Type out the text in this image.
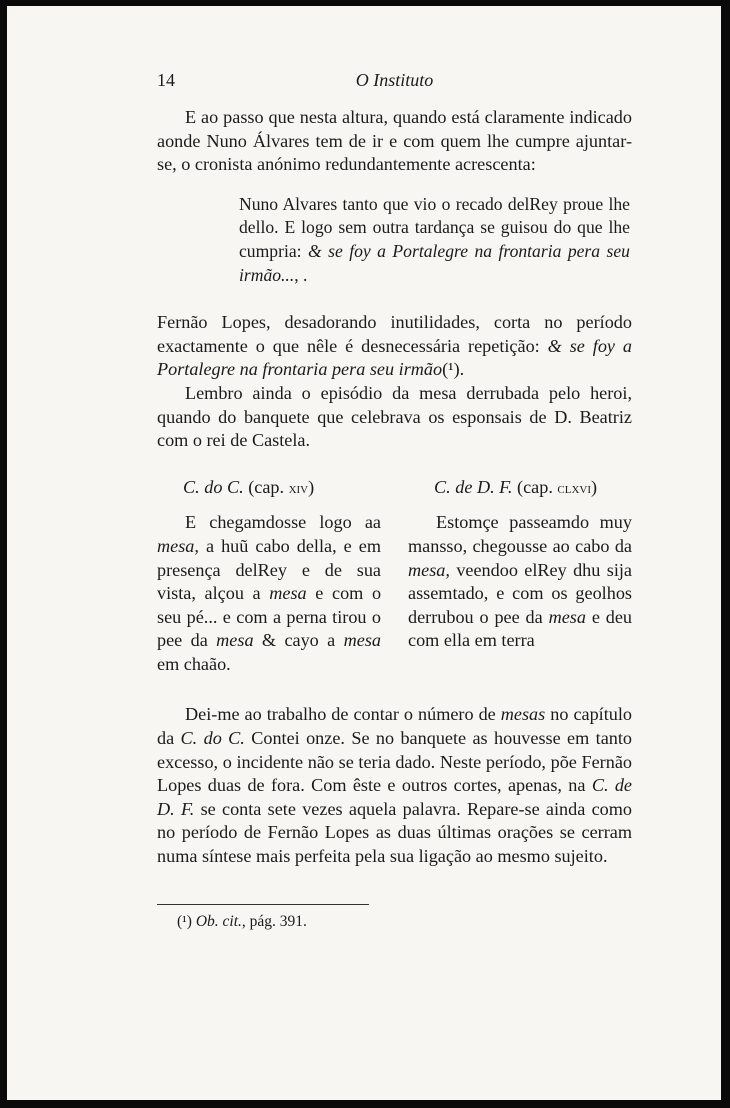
14	O Instituto

E ao passo que nesta altura, quando está claramente indicado aonde Nuno Álvares tem de ir e com quem lhe cumpre ajuntar-se, o cronista anónimo redundantemente acrescenta:

Nuno Alvares tanto que vio o recado delRey proue lhe dello. E logo sem outra tardança se guisou do que lhe cumpria: & se foy a Portalegre na frontaria pera seu irmão..., .

Fernão Lopes, desadorando inutilidades, corta no período exactamente o que nêle é desnecessária repetição: & se foy a Portalegre na frontaria pera seu irmão(¹).

Lembro ainda o episódio da mesa derrubada pelo heroi, quando do banquete que celebrava os esponsais de D. Beatriz com o rei de Castela.

C. do C. (cap. xiv)

E chegamdosse logo aa mesa, a huũ cabo della, e em presença delRey e de sua vista, alçou a mesa e com o seu pé... e com a perna tirou o pee da mesa & cayo a mesa em chaão.

C. de D. F. (cap. clxvi)

Estomçe passeamdo muy mansso, chegousse ao cabo da mesa, veendoo elRey dhu sija assemtado, e com os geolhos derrubou o pee da mesa e deu com ella em terra

Dei-me ao trabalho de contar o número de mesas no capítulo da C. do C. Contei onze. Se no banquete as houvesse em tanto excesso, o incidente não se teria dado. Neste período, põe Fernão Lopes duas de fora. Com êste e outros cortes, apenas, na C. de D. F. se conta sete vezes aquela palavra. Repare-se ainda como no período de Fernão Lopes as duas últimas orações se cerram numa síntese mais perfeita pela sua ligação ao mesmo sujeito.

(¹) Ob. cit., pág. 391.
